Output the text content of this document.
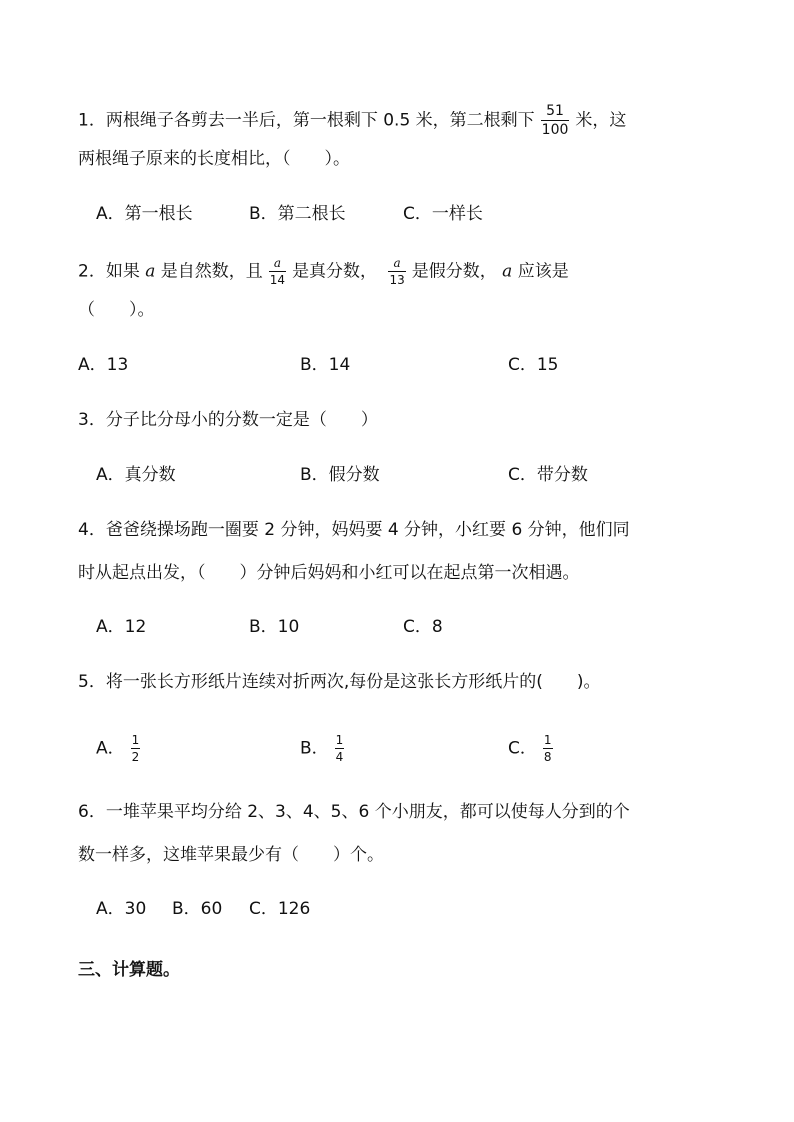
1．两根绳子各剪去一半后，第一根剩下 0.5 米，第二根剩下 $\frac{51}{100}$ 米，这
两根绳子原来的长度相比，（　　）。
A．第一根长	B．第二根长	C．一样长
2．如果 a 是自然数，且 $\frac{a}{14}$ 是真分数， $\frac{a}{13}$ 是假分数， a 应该是
（　　）。
A．13	B．14	C．15
3．分子比分母小的分数一定是（　　）
A．真分数	B．假分数	C．带分数
4．爸爸绕操场跑一圈要 2 分钟，妈妈要 4 分钟，小红要 6 分钟，他们同
时从起点出发，（　　）分钟后妈妈和小红可以在起点第一次相遇。
A．12	B．10	C．8
5．将一张长方形纸片连续对折两次,每份是这张长方形纸片的(　　)。
A． $\frac{1}{2}$	B． $\frac{1}{4}$	C． $\frac{1}{8}$
6．一堆苹果平均分给 2、3、4、5、6 个小朋友，都可以使每人分到的个
数一样多，这堆苹果最少有（　　）个。
A．30 B．60 C．126
三、计算题。
